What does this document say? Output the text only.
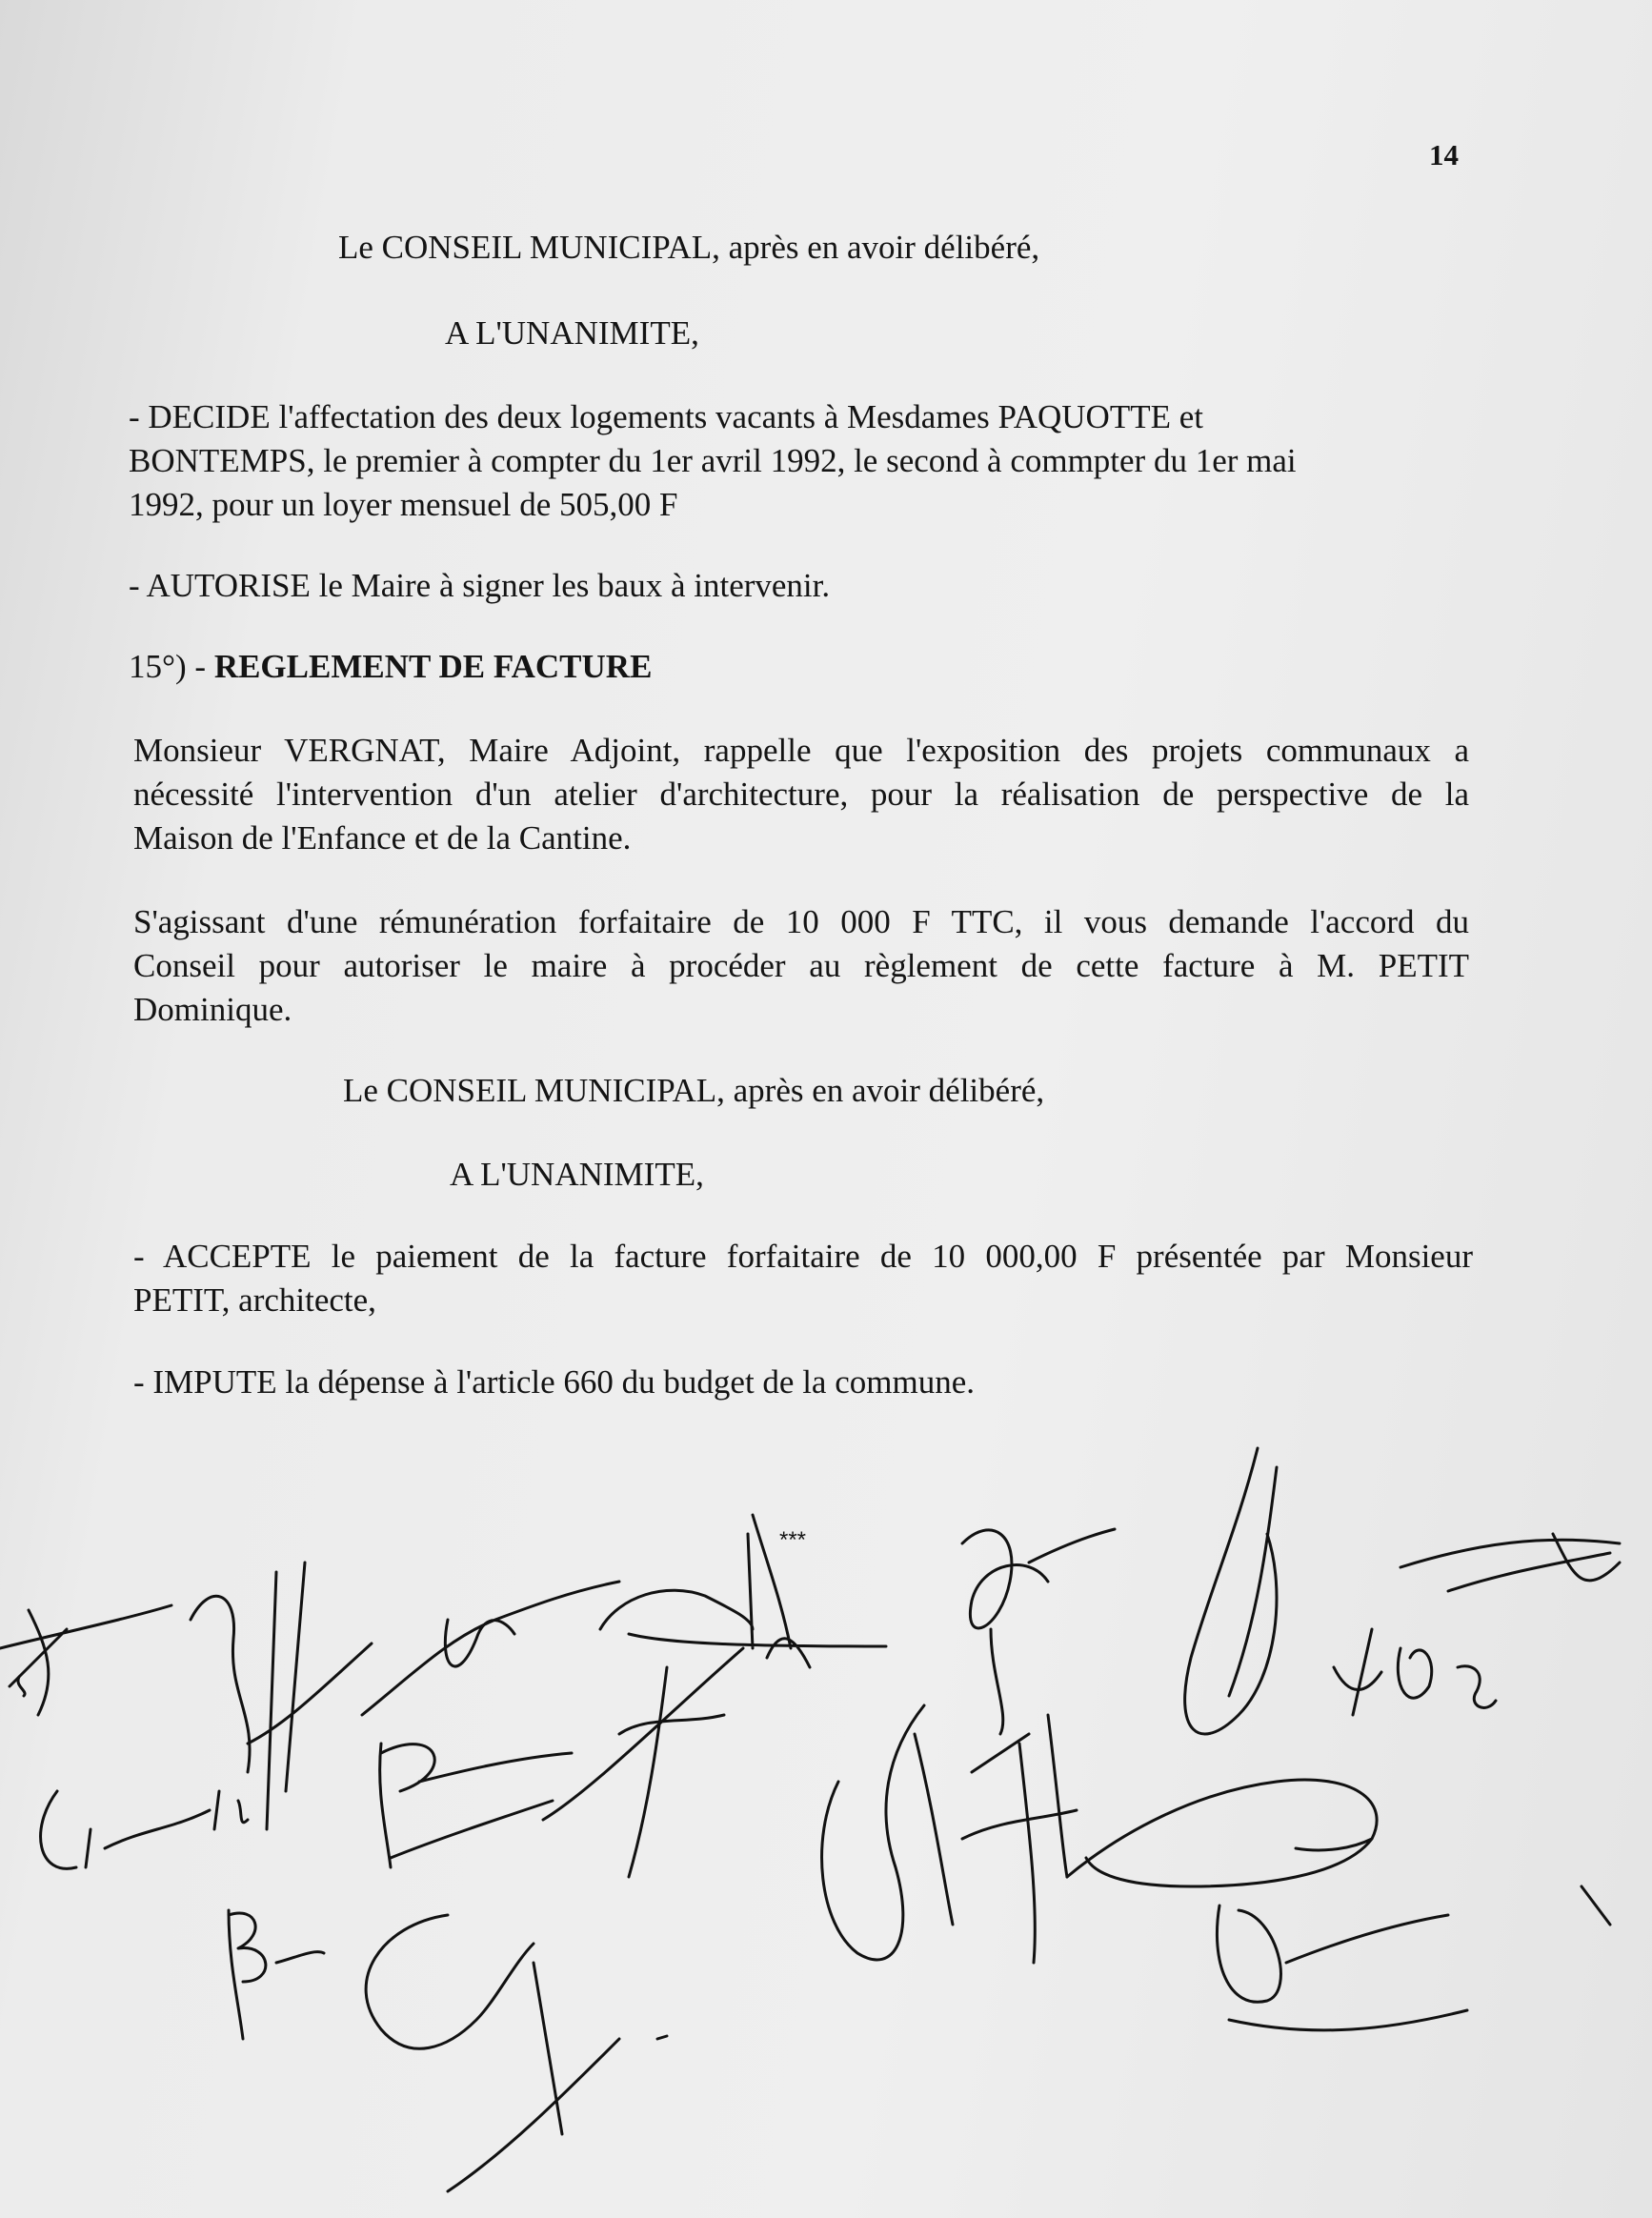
14
Le CONSEIL MUNICIPAL, après en avoir délibéré,
A L'UNANIMITE,
- DECIDE l'affectation des deux logements vacants à Mesdames PAQUOTTE et
BONTEMPS, le premier à compter du 1er avril 1992, le second à commpter du 1er mai
1992, pour un loyer mensuel de 505,00 F
- AUTORISE le Maire à signer les baux à intervenir.
15°) - REGLEMENT DE FACTURE
Monsieur VERGNAT, Maire Adjoint, rappelle que l'exposition des projets communaux a
nécessité l'intervention d'un atelier d'architecture, pour la réalisation de perspective de la
Maison de l'Enfance et de la Cantine.
S'agissant d'une rémunération forfaitaire de 10 000 F TTC, il vous demande l'accord du
Conseil pour autoriser le maire à procéder au règlement de cette facture à M. PETIT
Dominique.
Le CONSEIL MUNICIPAL, après en avoir délibéré,
A L'UNANIMITE,
- ACCEPTE le paiement de la facture forfaitaire de 10 000,00 F présentée par Monsieur
PETIT, architecte,
- IMPUTE la dépense à l'article 660 du budget de la commune.
***
